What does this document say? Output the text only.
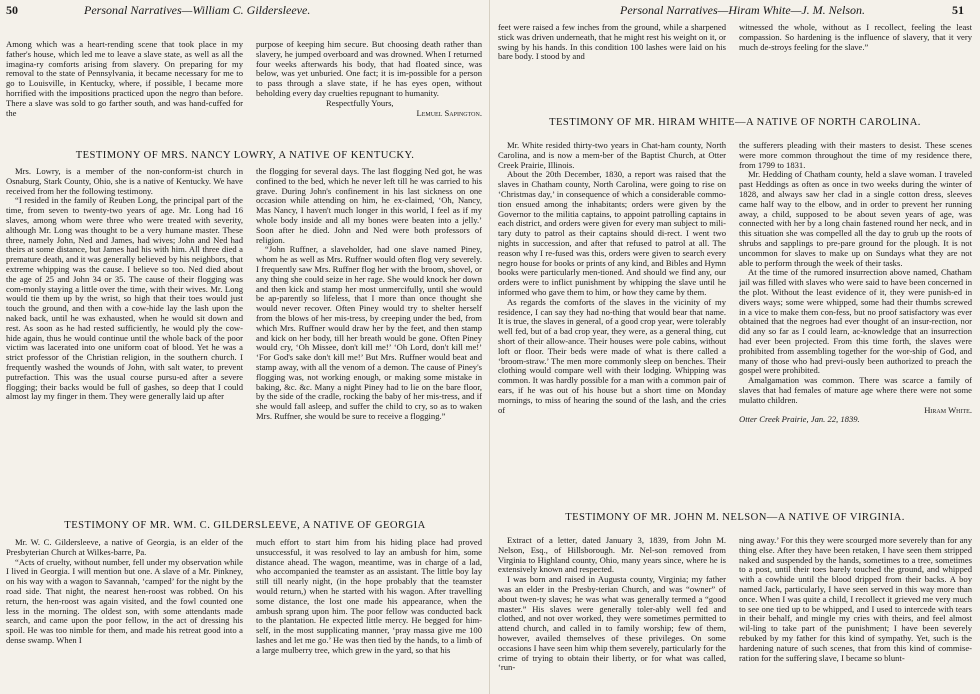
50	Personal Narratives—William C. Gildersleeve.

Among which was a heart-rending scene that took place in my father's house, which led me to leave a slave state, as well as all the imagina-ry comforts arising from slavery. On preparing for my removal to the state of Pennsylvania, it became necessary for me to go to Louisville, in Kentucky, where, if possible, I became more horrified with the impositions practiced upon the negro than before. There a slave was sold to go farther south, and was hand-cuffed for the

purpose of keeping him secure. But choosing death rather than slavery, he jumped overboard and was drowned. When I returned four weeks afterwards his body, that had floated since, was below, was yet unburied. One fact; it is im-possible for a person to pass through a slave state, if he has eyes open, without beholding every day cruelties repugnant to humanity.

Respectfully Yours,

Lemuel Sapington.

TESTIMONY OF MRS. NANCY LOWRY, A NATIVE OF KENTUCKY.

Mrs. Lowry, is a member of the non-conform-ist church in Osnaburg, Stark County, Ohio, she is a native of Kentucky. We have received from her the following testimony.

“I resided in the family of Reuben Long, the principal part of the time, from seven to twenty-two years of age. Mr. Long had 16 slaves, among whom were three who were treated with severity, although Mr. Long was thought to be a very humane master. These three, namely John, Ned and James, had wives; John and Ned had theirs at some distance, but James had his with him. All three died a premature death, and it was generally believed by his neighbors, that extreme whipping was the cause. I believe so too. Ned died about the age of 25 and John 34 or 35. The cause of their flogging was com-monly staying a little over the time, with their wives. Mr. Long would tie them up by the wrist, so high that their toes would just touch the ground, and then with a cow-hide lay the lash upon the naked back, until he was exhausted, when he would sit down and rest. As soon as he had rested sufficiently, he would ply the cow-hide again, thus he would continue until the whole back of the poor victim was lacerated into one uniform coat of blood. Yet he was a strict professor of the Christian religion, in the southern church. I frequently washed the wounds of John, with salt water, to prevent putrefaction. This was the usual course pursu-ed after a severe flogging; their backs would be full of gashes, so deep that I could almost lay my finger in them. They were generally laid up after

the flogging for several days. The last flogging Ned got, he was confined to the bed, which he never left till he was carried to his grave. During John's confinement in his last sickness on one occasion while attending on him, he ex-claimed, ‘Oh, Nancy, Mas Nancy, I haven't much longer in this world, I feel as if my whole body inside and all my bones were beaten into a jelly.’ Soon after he died. John and Ned were both professors of religion.

“John Ruffner, a slaveholder, had one slave named Piney, whom he as well as Mrs. Ruffner would often flog very severely. I frequently saw Mrs. Ruffner flog her with the broom, shovel, or any thing she could seize in her rage. She would knock her down and then kick and stamp her most unmercifully, until she would be ap-parently so lifeless, that I more than once thought she would never recover. Often Piney would try to shelter herself from the blows of her mis-tress, by creeping under the bed, from which Mrs. Ruffner would draw her by the feet, and then stamp and kick on her body, till her breath would be gone. Often Piney would cry, ‘Oh Missee, don't kill me!’ ‘Oh Lord, don't kill me!’ ‘For God's sake don't kill me!’ But Mrs. Ruffner would beat and stamp away, with all the venom of a demon. The cause of Piney's flogging was, not working enough, or making some mistake in baking, &c. &c. Many a night Piney had to lie on the bare floor, by the side of the cradle, rocking the baby of her mis-tress, and if she would fall asleep, and suffer the child to cry, so as to waken Mrs. Ruffner, she would be sure to receive a flogging.”

TESTIMONY OF MR. WM. C. GILDERSLEEVE, A NATIVE OF GEORGIA

Mr. W. C. Gildersleeve, a native of Georgia, is an elder of the Presbyterian Church at Wilkes-barre, Pa.

“Acts of cruelty, without number, fell under my observation while I lived in Georgia. I will mention but one. A slave of a Mr. Pinkney, on his way with a wagon to Savannah, ‘camped’ for the night by the road side. That night, the nearest hen-roost was robbed. On his return, the hen-roost was again visited, and the fowl counted one less in the morning. The oldest son, with some attendants made search, and came upon the poor fellow, in the act of dressing his spoil. He was too nimble for them, and made his retreat good into a dense swamp. When I

much effort to start him from his hiding place had proved unsuccessful, it was resolved to lay an ambush for him, some distance ahead. The wagon, meantime, was in charge of a lad, who accompanied the teamster as an assistant. The little boy lay still till nearly night, (in the hope probably that the teamster would return,) when he started with his wagon. After travelling some distance, the lost one made his appearance, when the ambush sprang upon him. The poor fellow was conducted back to the plantation. He expected little mercy. He begged for him-self, in the most supplicating manner, ‘pray massa give me 100 lashes and let me go.’ He was then tied by the hands, to a limb of a large mulberry tree, which grew in the yard, so that his

Personal Narratives—Hiram White—J. M. Nelson.	51

feet were raised a few inches from the ground, while a sharpened stick was driven underneath, that he might rest his weight on it, or swing by his hands. In this condition 100 lashes were laid on his bare body. I stood by and

witnessed the whole, without as I recollect, feeling the least compassion. So hardening is the influence of slavery, that it very much de-stroys feeling for the slave.”

TESTIMONY OF MR. HIRAM WHITE—A NATIVE OF NORTH CAROLINA.

Mr. White resided thirty-two years in Chat-ham county, North Carolina, and is now a mem-ber of the Baptist Church, at Otter Creek Prairie, Illinois.

About the 20th December, 1830, a report was raised that the slaves in Chatham county, North Carolina, were going to rise on ‘Christmas day,’ in consequence of which a considerable commo-tion ensued among the inhabitants; orders were given by the Governor to the militia captains, to appoint patrolling captains in each district, and orders were given for every man subject to mili-tary duty to patrol as their captains should di-rect. I went two nights in succession, and after that refused to patrol at all. The reason why I re-fused was this, orders were given to search every negro house for books or prints of any kind, and Bibles and Hymn books were particularly men-tioned. And should we find any, our orders were to inflict punishment by whipping the slave until he informed who gave them to him, or how they came by them.

As regards the comforts of the slaves in the vicinity of my residence, I can say they had no-thing that would bear that name. It is true, the slaves in general, of a good crop year, were tolerably well fed, but of a bad crop year, they were, as a general thing, cut short of their allow-ance. Their houses were pole cabins, without loft or floor. Their beds were made of what is there called a ‘broom-straw.’ The men more commonly sleep on benches. Their clothing would compare well with their lodging. Whipping was common. It was hardly possible for a man with a common pair of ears, if he was out of his house but a short time on Monday mornings, to miss of hearing the sound of the lash, and the cries of

the sufferers pleading with their masters to desist. These scenes were more common throughout the time of my residence there, from 1799 to 1831.

Mr. Hedding of Chatham county, held a slave woman. I traveled past Heddings as often as once in two weeks during the winter of 1828, and always saw her clad in a single cotton dress, sleeves came half way to the elbow, and in order to prevent her running away, a child, supposed to be about seven years of age, was connected with her by a long chain fastened round her neck, and in this situation she was compelled all the day to grub up the roots of shrubs and sapplings to pre-pare ground for the plough. It is not uncommon for slaves to make up on Sundays what they are not able to perform through the week of their tasks.

At the time of the rumored insurrection above named, Chatham jail was filled with slaves who were said to have been concerned in the plot. Without the least evidence of it, they were punish-ed in divers ways; some were whipped, some had their thumbs screwed in a vice to make them con-fess, but no proof satisfactory was ever obtained that the negroes had ever thought of an insur-rection, nor did any so far as I could learn, ac-knowledge that an insurrection had ever been projected. From this time forth, the slaves were prohibited from assembling together for the wor-ship of God, and many of those who had previ-ously been authorized to preach the gospel were prohibited.

Amalgamation was common. There was scarce a family of slaves that had females of mature age where there were not some mulatto children.

Hiram White.

Otter Creek Prairie, Jan. 22, 1839.

TESTIMONY OF MR. JOHN M. NELSON—A NATIVE OF VIRGINIA.

Extract of a letter, dated January 3, 1839, from John M. Nelson, Esq., of Hillsborough. Mr. Nel-son removed from Virginia to Highland county, Ohio, many years since, where he is extensively known and respected.

I was born and raised in Augusta county, Virginia; my father was an elder in the Presby-terian Church, and was “owner” of about twen-ty slaves; he was what was generally termed a “good master.” His slaves were generally toler-ably well fed and clothed, and not over worked, they were sometimes permitted to attend church, and called in to family worship; few of them, however, availed themselves of these privileges. On some occasions I have seen him whip them severely, particularly for the crime of trying to obtain their liberty, or for what was called, ‘run-

ning away.’ For this they were scourged more severely than for any thing else. After they have been retaken, I have seen them stripped naked and suspended by the hands, sometimes to a tree, sometimes to a post, until their toes barely touched the ground, and whipped with a cowhide until the blood dripped from their backs. A boy named Jack, particularly, I have seen served in this way more than once. When I was quite a child, I recollect it grieved me very much to see one tied up to be whipped, and I used to intercede with tears in their behalf, and mingle my cries with theirs, and feel almost wil-ling to take part of the punishment; I have been severely rebuked by my father for this kind of sympathy. Yet, such is the hardening nature of such scenes, that from this kind of commise-ration for the suffering slave, I became so blunt-
